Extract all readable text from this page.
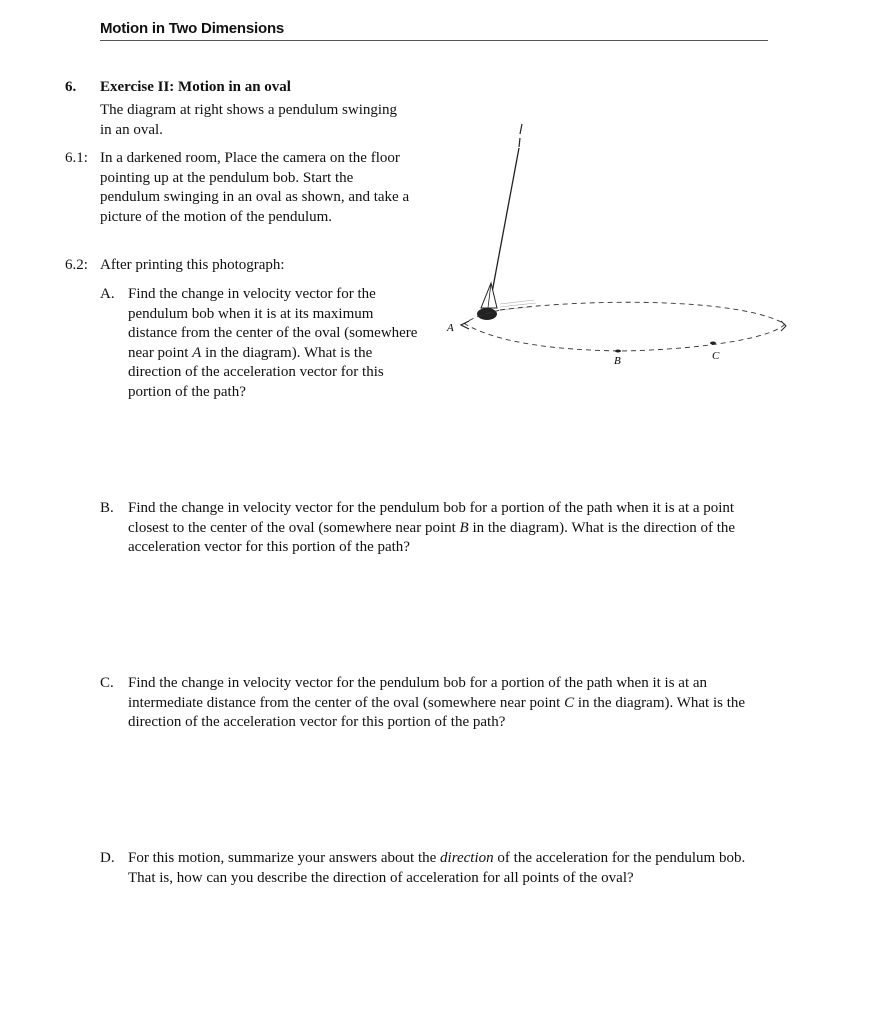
Motion in Two Dimensions
6. Exercise II: Motion in an oval
The diagram at right shows a pendulum swinging in an oval.
6.1: In a darkened room, Place the camera on the floor pointing up at the pendulum bob. Start the pendulum swinging in an oval as shown, and take a picture of the motion of the pendulum.
6.2: After printing this photograph:
A. Find the change in velocity vector for the pendulum bob when it is at its maximum distance from the center of the oval (somewhere near point A in the diagram). What is the direction of the acceleration vector for this portion of the path?
B. Find the change in velocity vector for the pendulum bob for a portion of the path when it is at a point closest to the center of the oval (somewhere near point B in the diagram). What is the direction of the acceleration vector for this portion of the path?
C. Find the change in velocity vector for the pendulum bob for a portion of the path when it is at an intermediate distance from the center of the oval (somewhere near point C in the diagram). What is the direction of the acceleration vector for this portion of the path?
D. For this motion, summarize your answers about the direction of the acceleration for the pendulum bob. That is, how can you describe the direction of acceleration for all points of the oval?
A
B	C
